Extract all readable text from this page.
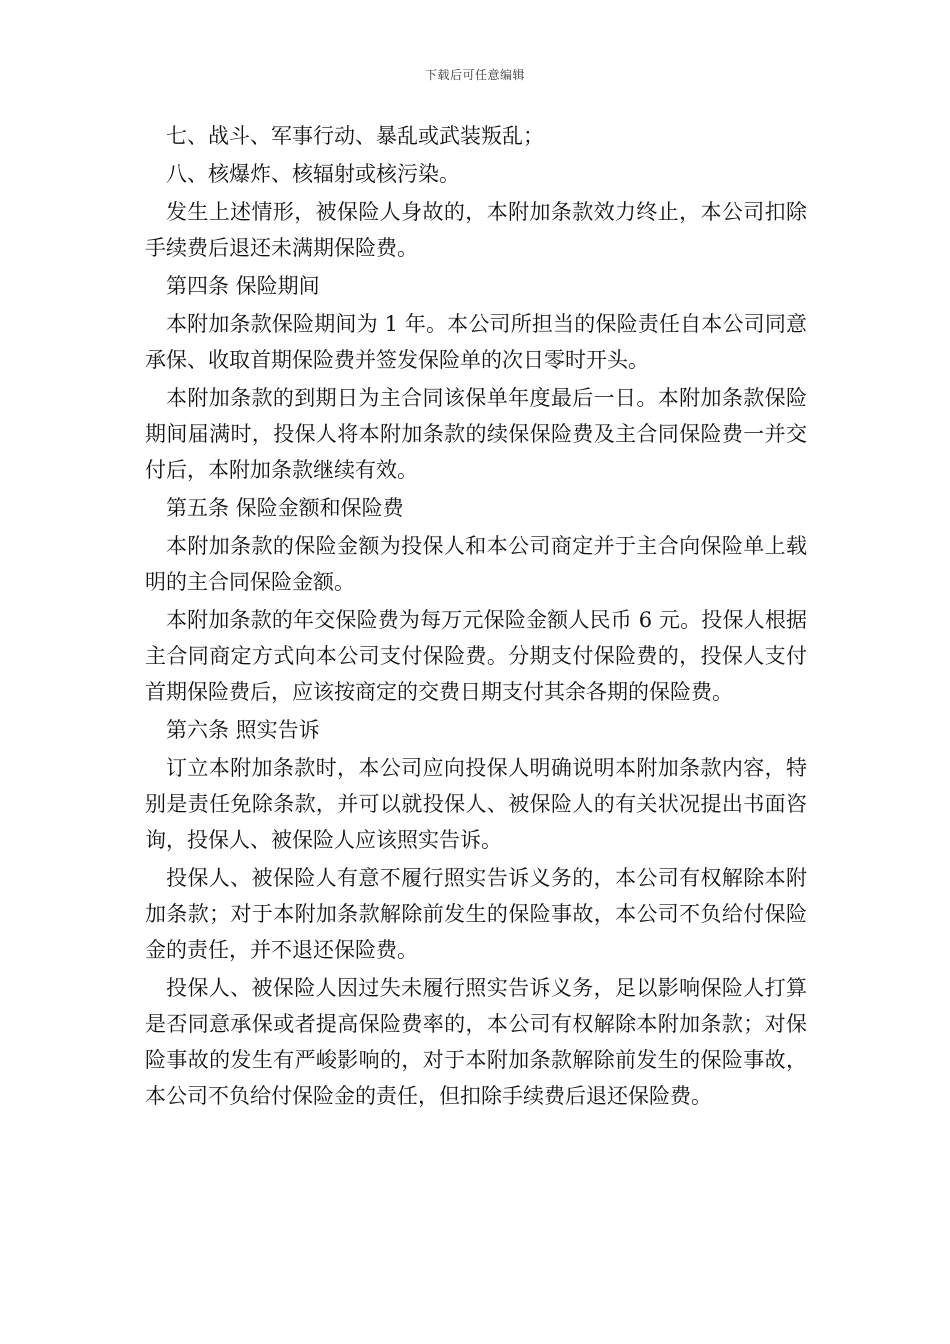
下载后可任意编辑

七、战斗、军事行动、暴乱或武装叛乱；

八、核爆炸、核辐射或核污染。

发生上述情形，被保险人身故的，本附加条款效力终止，本公司扣除手续费后退还未满期保险费。

第四条 保险期间

本附加条款保险期间为 1 年。本公司所担当的保险责任自本公司同意承保、收取首期保险费并签发保险单的次日零时开头。

本附加条款的到期日为主合同该保单年度最后一日。本附加条款保险期间届满时，投保人将本附加条款的续保保险费及主合同保险费一并交付后，本附加条款继续有效。

第五条 保险金额和保险费

本附加条款的保险金额为投保人和本公司商定并于主合向保险单上载明的主合同保险金额。

本附加条款的年交保险费为每万元保险金额人民币 6 元。投保人根据主合同商定方式向本公司支付保险费。分期支付保险费的，投保人支付首期保险费后，应该按商定的交费日期支付其余各期的保险费。

第六条 照实告诉

订立本附加条款时，本公司应向投保人明确说明本附加条款内容，特别是责任免除条款，并可以就投保人、被保险人的有关状况提出书面咨询，投保人、被保险人应该照实告诉。

投保人、被保险人有意不履行照实告诉义务的，本公司有权解除本附加条款；对于本附加条款解除前发生的保险事故，本公司不负给付保险金的责任，并不退还保险费。

投保人、被保险人因过失未履行照实告诉义务，足以影响保险人打算是否同意承保或者提高保险费率的，本公司有权解除本附加条款；对保险事故的发生有严峻影响的，对于本附加条款解除前发生的保险事故，本公司不负给付保险金的责任，但扣除手续费后退还保险费。
